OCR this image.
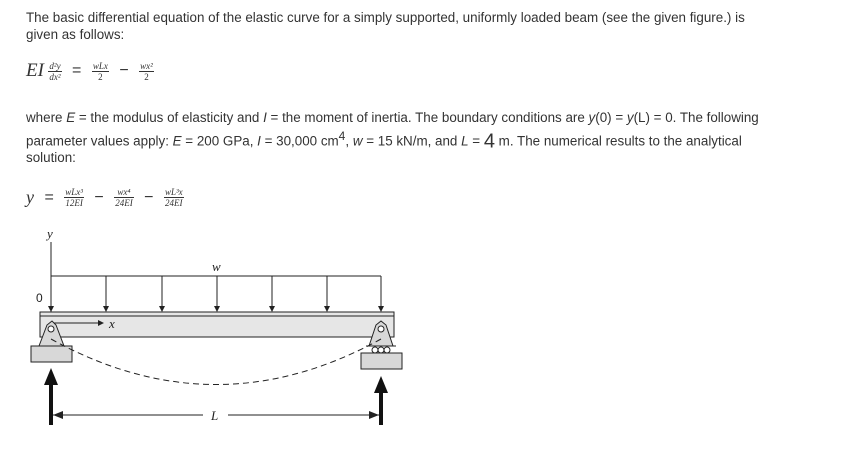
The basic differential equation of the elastic curve for a simply supported, uniformly loaded beam (see the given figure.) is
given as follows:
EI $\frac{\text{d²y}}{\text{dx²}} = \frac{\text{wLx}}{2} - \frac{\text{wx²}}{2}$
where E = the modulus of elasticity and I = the moment of inertia. The boundary conditions are y(0) = y(L) = 0. The following
parameter values apply: E = 200 GPa, I = 30,000 $cm^4$, w = 15 kN/m, and L = 4 m. The numerical results to the analytical
solution:
$y = \frac{\text{wLx³}}{12EI} - \frac{\text{wx⁴}}{24EI} - \frac{\text{wL³x}}{24EI}$
y
0
w
x
L
